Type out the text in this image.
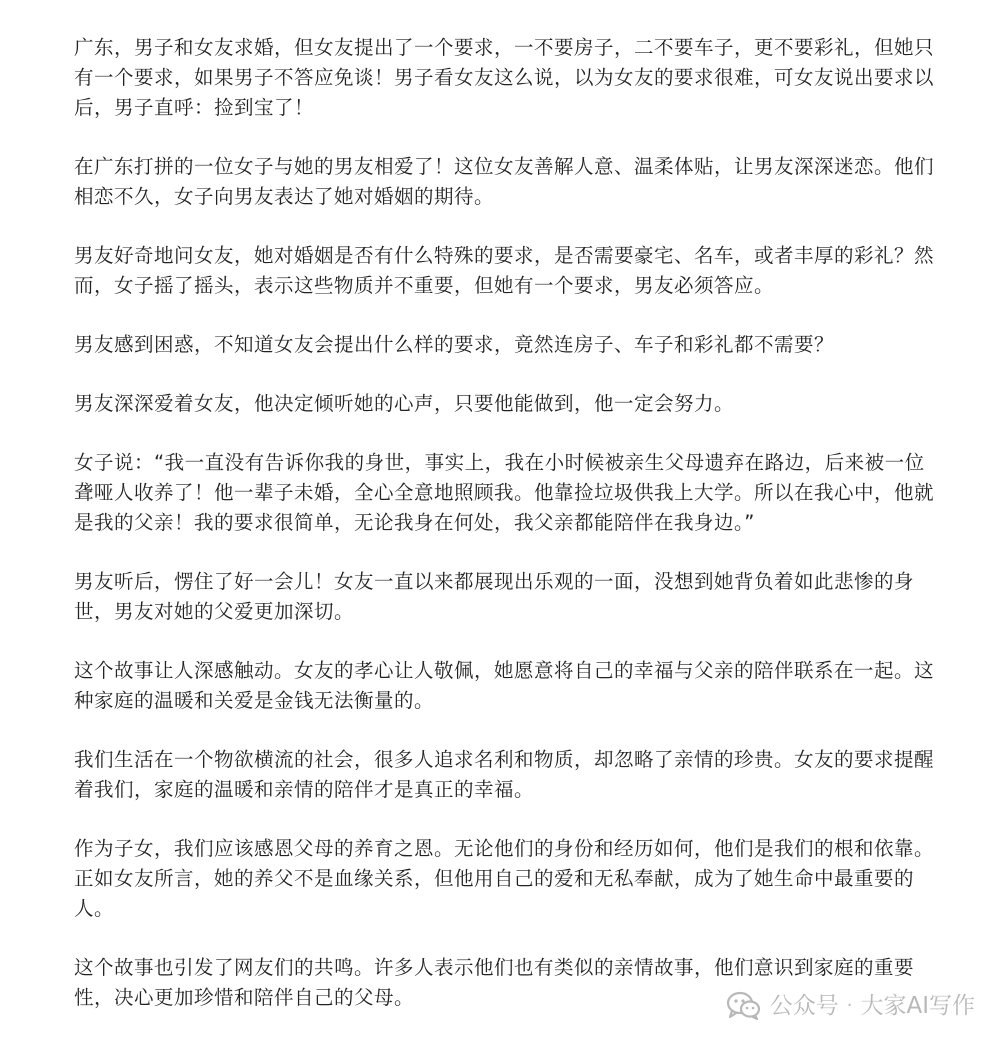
广东，男子和女友求婚，但女友提出了一个要求，一不要房子，二不要车子，更不要彩礼，但她只有一个要求，如果男子不答应免谈！男子看女友这么说，以为女友的要求很难，可女友说出要求以后，男子直呼：捡到宝了！

在广东打拼的一位女子与她的男友相爱了！这位女友善解人意、温柔体贴，让男友深深迷恋。他们相恋不久，女子向男友表达了她对婚姻的期待。

男友好奇地问女友，她对婚姻是否有什么特殊的要求，是否需要豪宅、名车，或者丰厚的彩礼？然而，女子摇了摇头，表示这些物质并不重要，但她有一个要求，男友必须答应。

男友感到困惑，不知道女友会提出什么样的要求，竟然连房子、车子和彩礼都不需要？

男友深深爱着女友，他决定倾听她的心声，只要他能做到，他一定会努力。

女子说：“我一直没有告诉你我的身世，事实上，我在小时候被亲生父母遗弃在路边，后来被一位聋哑人收养了！他一辈子未婚，全心全意地照顾我。他靠捡垃圾供我上大学。所以在我心中，他就是我的父亲！我的要求很简单，无论我身在何处，我父亲都能陪伴在我身边。”

男友听后，愣住了好一会儿！女友一直以来都展现出乐观的一面，没想到她背负着如此悲惨的身世，男友对她的父爱更加深切。

这个故事让人深感触动。女友的孝心让人敬佩，她愿意将自己的幸福与父亲的陪伴联系在一起。这种家庭的温暖和关爱是金钱无法衡量的。

我们生活在一个物欲横流的社会，很多人追求名利和物质，却忽略了亲情的珍贵。女友的要求提醒着我们，家庭的温暖和亲情的陪伴才是真正的幸福。

作为子女，我们应该感恩父母的养育之恩。无论他们的身份和经历如何，他们是我们的根和依靠。正如女友所言，她的养父不是血缘关系，但他用自己的爱和无私奉献，成为了她生命中最重要的人。

这个故事也引发了网友们的共鸣。许多人表示他们也有类似的亲情故事，他们意识到家庭的重要性，决心更加珍惜和陪伴自己的父母。	公众号 · 大家AI写作
